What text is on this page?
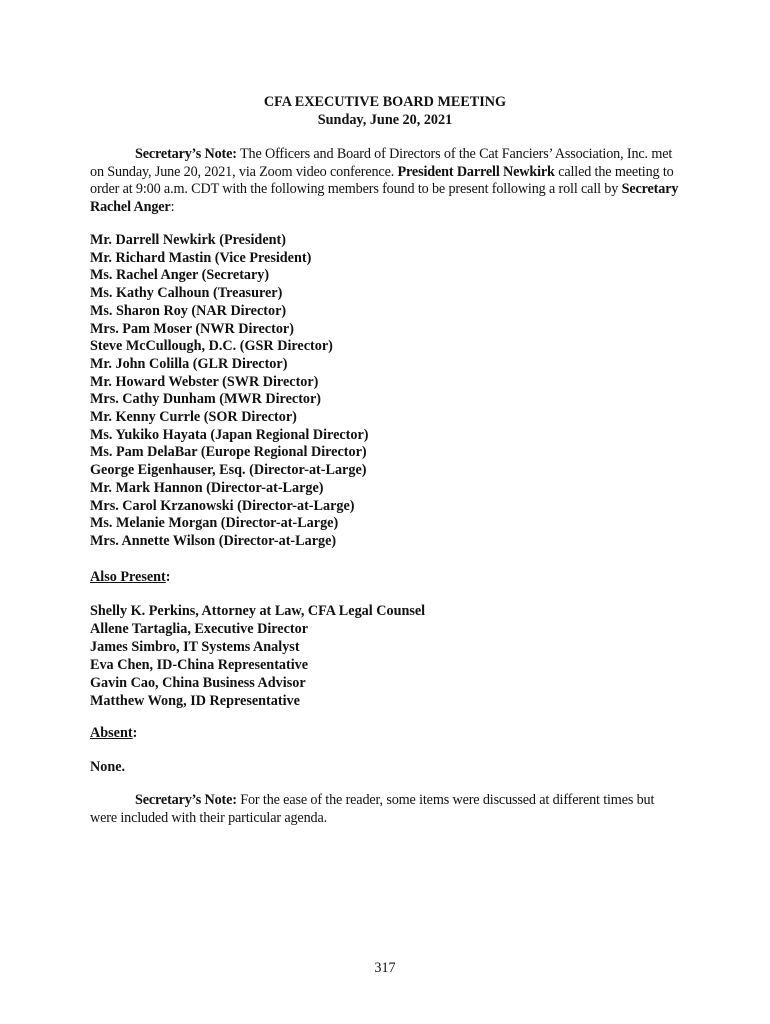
CFA EXECUTIVE BOARD MEETING
Sunday, June 20, 2021

Secretary’s Note: The Officers and Board of Directors of the Cat Fanciers’ Association, Inc. met on Sunday, June 20, 2021, via Zoom video conference. President Darrell Newkirk called the meeting to order at 9:00 a.m. CDT with the following members found to be present following a roll call by Secretary Rachel Anger:

Mr. Darrell Newkirk (President)
Mr. Richard Mastin (Vice President)
Ms. Rachel Anger (Secretary)
Ms. Kathy Calhoun (Treasurer)
Ms. Sharon Roy (NAR Director)
Mrs. Pam Moser (NWR Director)
Steve McCullough, D.C. (GSR Director)
Mr. John Colilla (GLR Director)
Mr. Howard Webster (SWR Director)
Mrs. Cathy Dunham (MWR Director)
Mr. Kenny Currle (SOR Director)
Ms. Yukiko Hayata (Japan Regional Director)
Ms. Pam DelaBar (Europe Regional Director)
George Eigenhauser, Esq. (Director-at-Large)
Mr. Mark Hannon (Director-at-Large)
Mrs. Carol Krzanowski (Director-at-Large)
Ms. Melanie Morgan (Director-at-Large)
Mrs. Annette Wilson (Director-at-Large)

Also Present:

Shelly K. Perkins, Attorney at Law, CFA Legal Counsel
Allene Tartaglia, Executive Director
James Simbro, IT Systems Analyst
Eva Chen, ID-China Representative
Gavin Cao, China Business Advisor
Matthew Wong, ID Representative

Absent:

None.

Secretary’s Note: For the ease of the reader, some items were discussed at different times but were included with their particular agenda.

317
